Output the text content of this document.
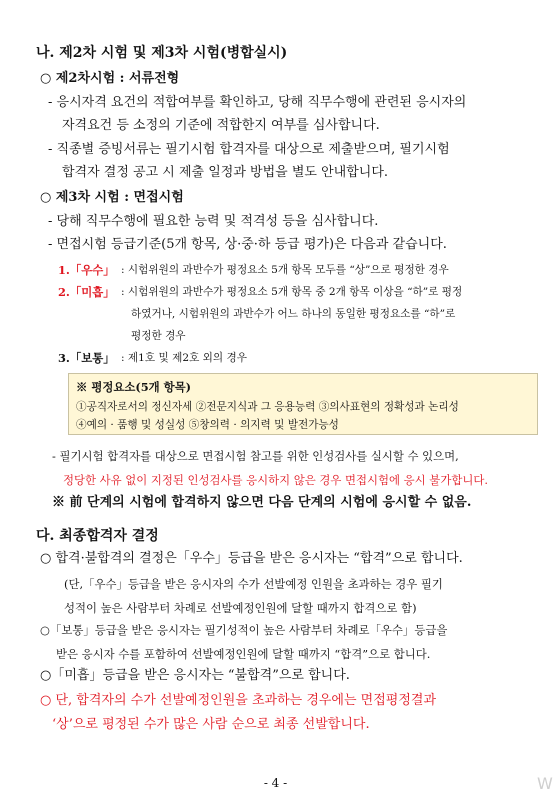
나. 제2차 시험 및 제3차 시험(병합실시)
○ 제2차시험 : 서류전형
- 응시자격 요건의 적합여부를 확인하고, 당해 직무수행에 관련된 응시자의
자격요건 등 소정의 기준에 적합한지 여부를 심사합니다.
- 직종별 증빙서류는 필기시험 합격자를 대상으로 제출받으며, 필기시험
합격자 결정 공고 시 제출 일정과 방법을 별도 안내합니다.
○ 제3차 시험 : 면접시험
- 당해 직무수행에 필요한 능력 및 적격성 등을 심사합니다.
- 면접시험 등급기준(5개 항목, 상·중·하 등급 평가)은 다음과 같습니다.
1.「우수」 : 시험위원의 과반수가 평정요소 5개 항목 모두를 “상”으로 평정한 경우
2.「미흡」 : 시험위원의 과반수가 평정요소 5개 항목 중 2개 항목 이상을 “하”로 평정
하였거나, 시험위원의 과반수가 어느 하나의 동일한 평정요소를 “하”로
평정한 경우
3.「보통」 : 제1호 및 제2호 외의 경우
※ 평정요소(5개 항목)
①공직자로서의 정신자세 ②전문지식과 그 응용능력 ③의사표현의 정확성과 논리성
④예의 · 품행 및 성실성 ⑤창의력 · 의지력 및 발전가능성
- 필기시험 합격자를 대상으로 면접시험 참고를 위한 인성검사를 실시할 수 있으며,
정당한 사유 없이 지정된 인성검사를 응시하지 않은 경우 면접시험에 응시 불가합니다.
※ 前 단계의 시험에 합격하지 않으면 다음 단계의 시험에 응시할 수 없음.
다. 최종합격자 결정
○ 합격·불합격의 결정은「우수」등급을 받은 응시자는 “합격”으로 합니다.
(단,「우수」등급을 받은 응시자의 수가 선발예정 인원을 초과하는 경우 필기
성적이 높은 사람부터 차례로 선발예정인원에 달할 때까지 합격으로 함)
○「보통」등급을 받은 응시자는 필기성적이 높은 사람부터 차례로「우수」등급을
받은 응시자 수를 포함하여 선발예정인원에 달할 때까지 “합격”으로 합니다.
○「미흡」등급을 받은 응시자는 “불합격”으로 합니다.
○ 단, 합격자의 수가 선발예정인원을 초과하는 경우에는 면접평정결과
‘상’으로 평정된 수가 많은 사람 순으로 최종 선발합니다.
- 4 -	W
